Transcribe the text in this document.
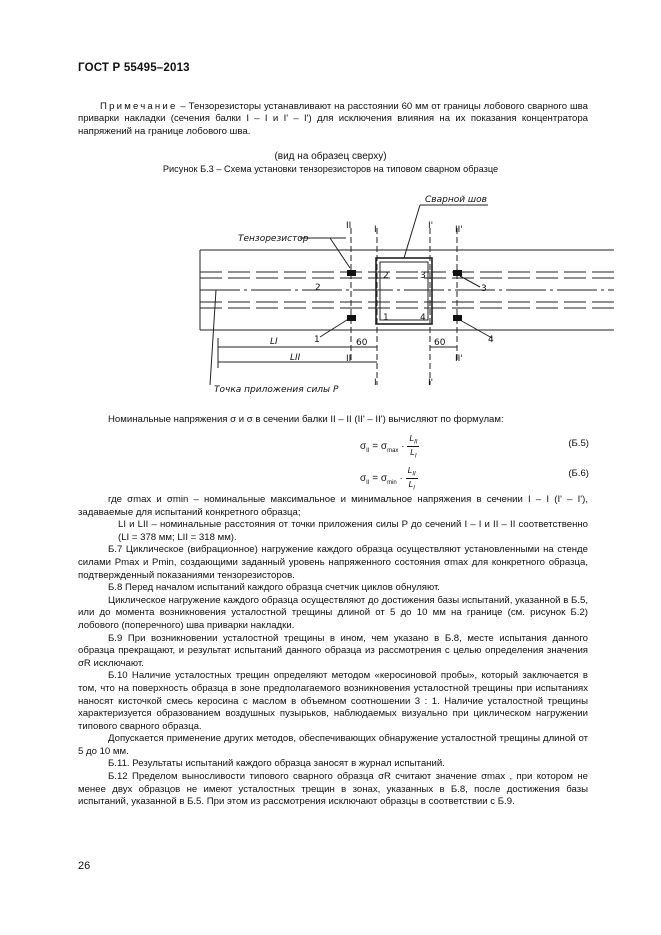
ГОСТ Р 55495–2013
Примечание – Тензорезисторы устанавливают на расстоянии 60 мм от границы лобового сварного шва приварки накладки (сечения балки I – I и I' – I') для исключения влияния на их показания концентратора напряжений на границе лобового шва.
(вид на образец сверху)
Рисунок Б.3 – Схема установки тензорезисторов на типовом сварном образце
Тензорезистор
Сварной шов
Точка приложения силы P
II	I	I' II'
II
I	I'
II'
2	3
1	4
2
1
3
4
LI
LII
60	60

Номинальные напряжения σ и σ в сечении балки II – II (II' – II') вычисляют по формулам:

$\sigma_{II} = \sigma_{max} \cdot \frac{L_{II}}{L_I}$	(Б.5)
$\sigma_{II} = \sigma_{min} \cdot \frac{L_{II}}{L_I}$	(Б.6)

где σmax и σmin – номинальные максимальное и минимальное напряжения в сечении I – I (I' – I'), задаваемые для испытаний конкретного образца;

LI и LII – номинальные расстояния от точки приложения силы P до сечений I – I и II – II соответственно (LI = 378 мм; LII = 318 мм).

Б.7 Циклическое (вибрационное) нагружение каждого образца осуществляют установленными на стенде силами Pmax и Pmin, создающими заданный уровень напряженного состояния σmax для конкретного образца, подтвержденный показаниями тензорезисторов.

Б.8 Перед началом испытаний каждого образца счетчик циклов обнуляют.

Циклическое нагружение каждого образца осуществляют до достижения базы испытаний, указанной в Б.5, или до момента возникновения усталостной трещины длиной от 5 до 10 мм на границе (см. рисунок Б.2) лобового (поперечного) шва приварки накладки.

Б.9 При возникновении усталостной трещины в ином, чем указано в Б.8, месте испытания данного образца прекращают, и результат испытаний данного образца из рассмотрения с целью определения значения σR исключают.

Б.10 Наличие усталостных трещин определяют методом «керосиновой пробы», который заключается в том, что на поверхность образца в зоне предполагаемого возникновения усталостной трещины при испытаниях наносят кисточкой смесь керосина с маслом в объемном соотношении 3 : 1. Наличие усталостной трещины характеризуется образованием воздушных пузырьков, наблюдаемых визуально при циклическом нагружении типового сварного образца.

Допускается применение других методов, обеспечивающих обнаружение усталостной трещины длиной от 5 до 10 мм.

Б.11. Результаты испытаний каждого образца заносят в журнал испытаний.

Б.12 Пределом выносливости типового сварного образца σR считают значение σmax , при котором не менее двух образцов не имеют усталостных трещин в зонах, указанных в Б.8, после достижения базы испытаний, указанной в Б.5. При этом из рассмотрения исключают образцы в соответствии с Б.9.

26
